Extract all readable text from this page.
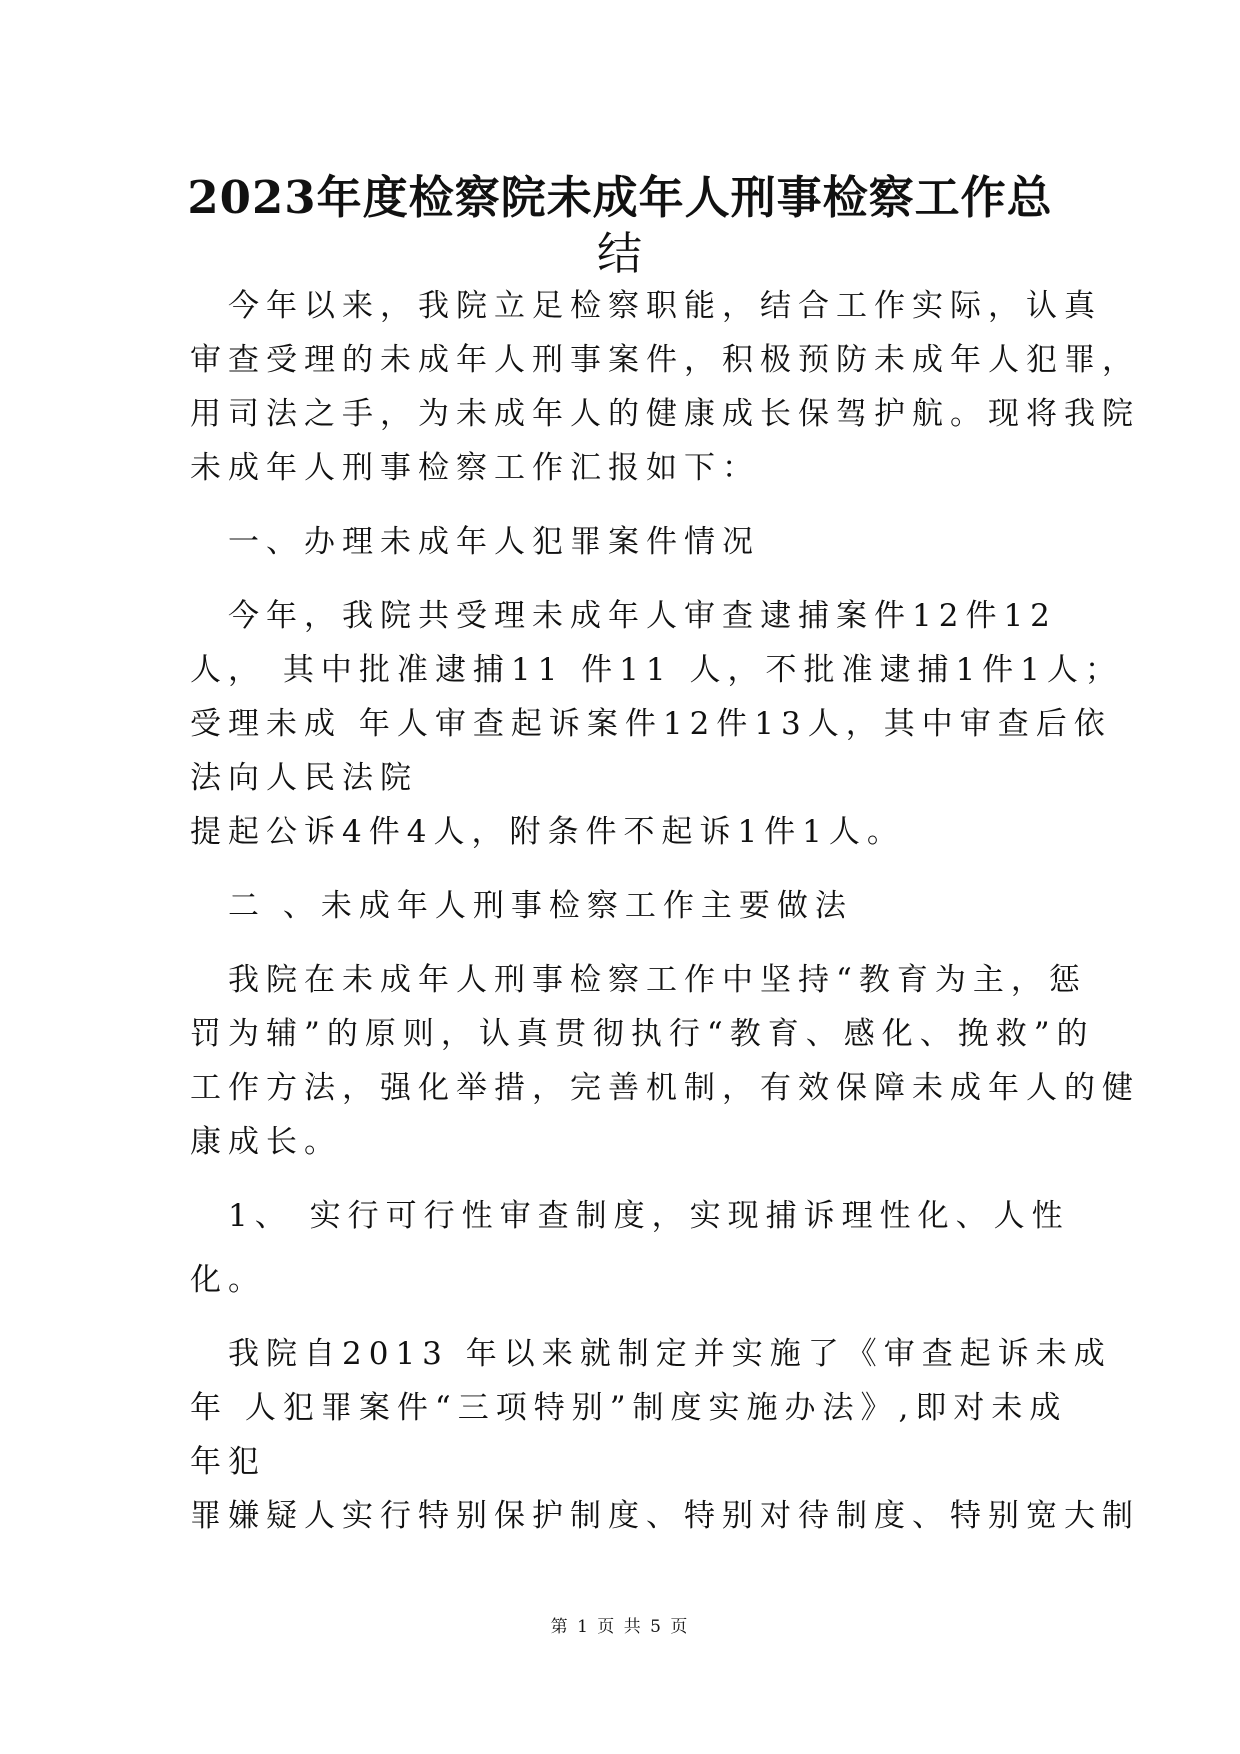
2023年度检察院未成年人刑事检察工作总
结
　今年以来，我院立足检察职能，结合工作实际，认真
审查受理的未成年人刑事案件，积极预防未成年人犯罪，
用司法之手，为未成年人的健康成长保驾护航。现将我院
未成年人刑事检察工作汇报如下：
　一、办理未成年人犯罪案件情况
　今年，我院共受理未成年人审查逮捕案件12件12
人， 其中批准逮捕11 件11 人，不批准逮捕1件1人；
受理未成 年人审查起诉案件12件13人，其中审查后依
法向人民法院
提起公诉4件4人，附条件不起诉1件1人。
　二 、未成年人刑事检察工作主要做法
　我院在未成年人刑事检察工作中坚持“教育为主，惩
罚为辅”的原则，认真贯彻执行“教育、感化、挽救”的
工作方法，强化举措，完善机制，有效保障未成年人的健
康成长。
　1、 实行可行性审查制度，实现捕诉理性化、人性
化。
　我院自2013 年以来就制定并实施了《审查起诉未成
年 人犯罪案件“三项特别”制度实施办法》,即对未成
年犯
罪嫌疑人实行特别保护制度、特别对待制度、特别宽大制
第 1 页 共 5 页
